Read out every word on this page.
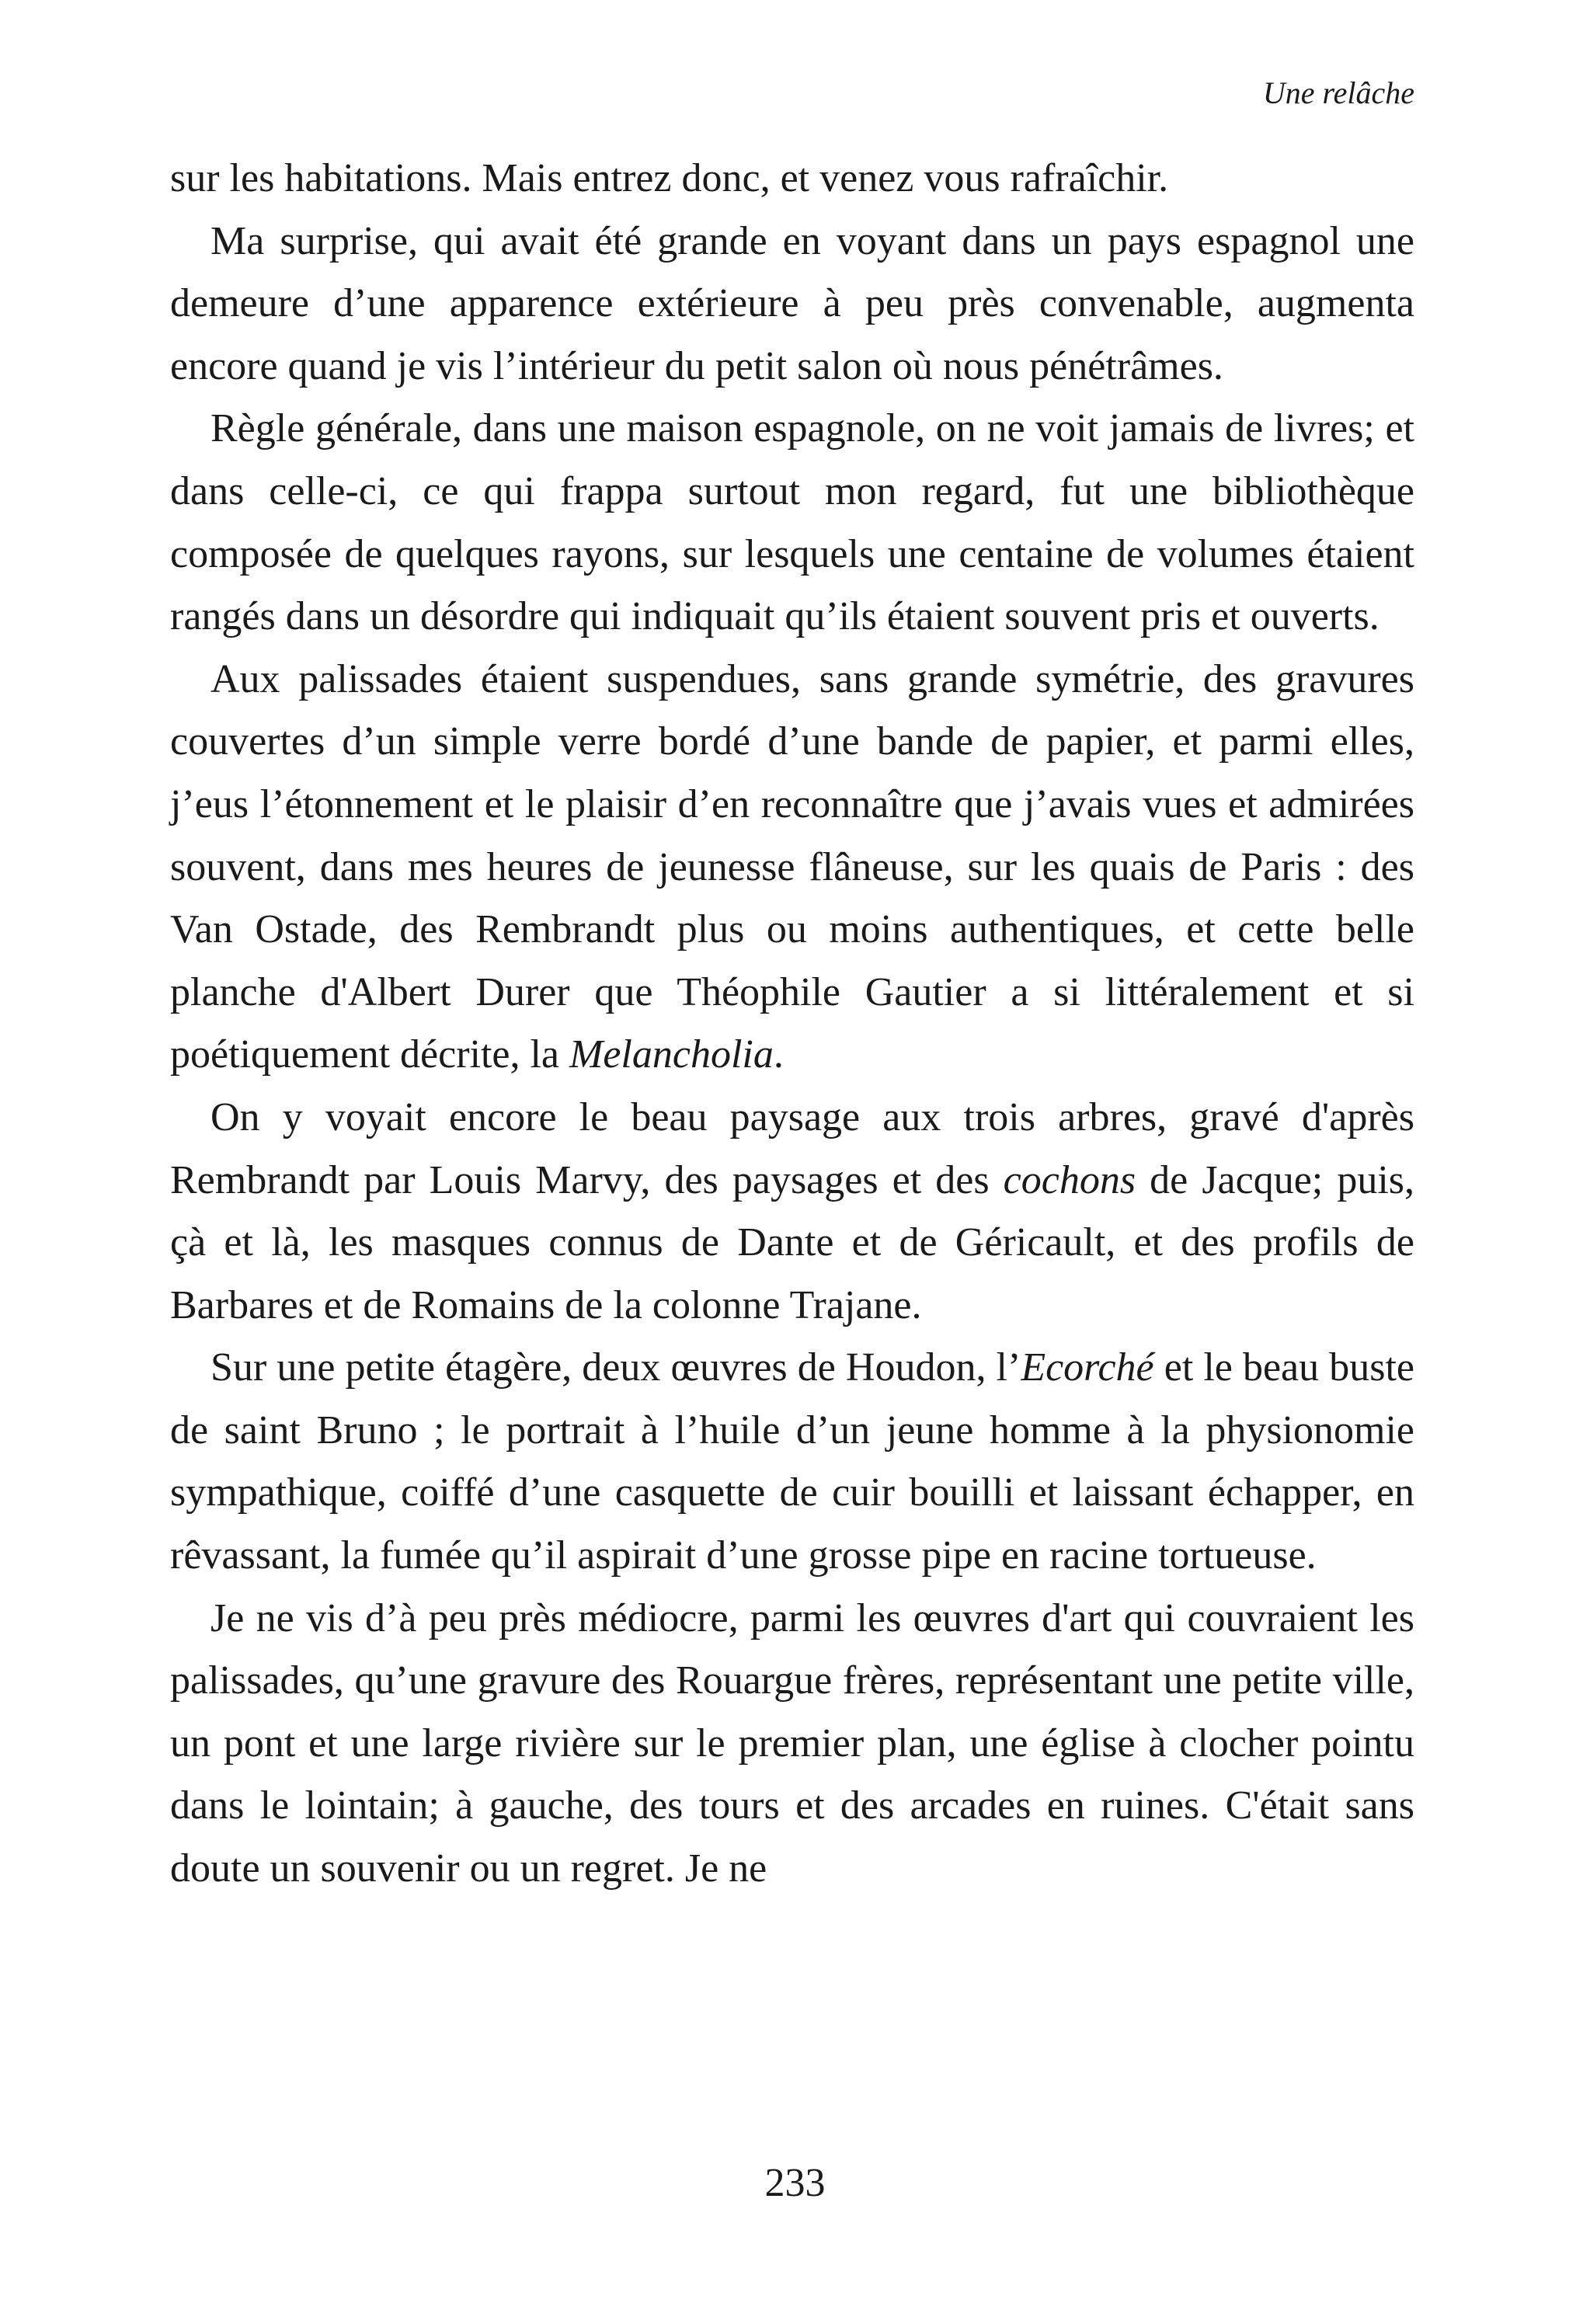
Une relâche

sur les habitations. Mais entrez donc, et venez vous rafraîchir.

Ma surprise, qui avait été grande en voyant dans un pays espagnol une demeure d’une apparence extérieure à peu près convenable, augmenta encore quand je vis l’intérieur du petit salon où nous pénétrâmes.

Règle générale, dans une maison espagnole, on ne voit jamais de livres; et dans celle-ci, ce qui frappa surtout mon regard, fut une bibliothèque composée de quelques rayons, sur lesquels une centaine de volumes étaient rangés dans un désordre qui indiquait qu’ils étaient souvent pris et ouverts.

Aux palissades étaient suspendues, sans grande symétrie, des gravures couvertes d’un simple verre bordé d’une bande de papier, et parmi elles, j’eus l’étonnement et le plaisir d’en reconnaître que j’avais vues et admirées souvent, dans mes heures de jeunesse flâneuse, sur les quais de Paris : des Van Ostade, des Rembrandt plus ou moins authentiques, et cette belle planche d'Albert Durer que Théophile Gautier a si littéralement et si poétiquement décrite, la Melancholia.

On y voyait encore le beau paysage aux trois arbres, gravé d'après Rembrandt par Louis Marvy, des paysages et des cochons de Jacque; puis, çà et là, les masques connus de Dante et de Géricault, et des profils de Barbares et de Romains de la colonne Trajane.

Sur une petite étagère, deux œuvres de Houdon, l’Ecorché et le beau buste de saint Bruno ; le portrait à l’huile d’un jeune homme à la physionomie sympathique, coiffé d’une casquette de cuir bouilli et laissant échapper, en rêvassant, la fumée qu’il aspirait d’une grosse pipe en racine tortueuse.

Je ne vis d’à peu près médiocre, parmi les œuvres d'art qui couvraient les palissades, qu’une gravure des Rouargue frères, représentant une petite ville, un pont et une large rivière sur le premier plan, une église à clocher pointu dans le lointain; à gauche, des tours et des arcades en ruines. C'était sans doute un souvenir ou un regret. Je ne

233
